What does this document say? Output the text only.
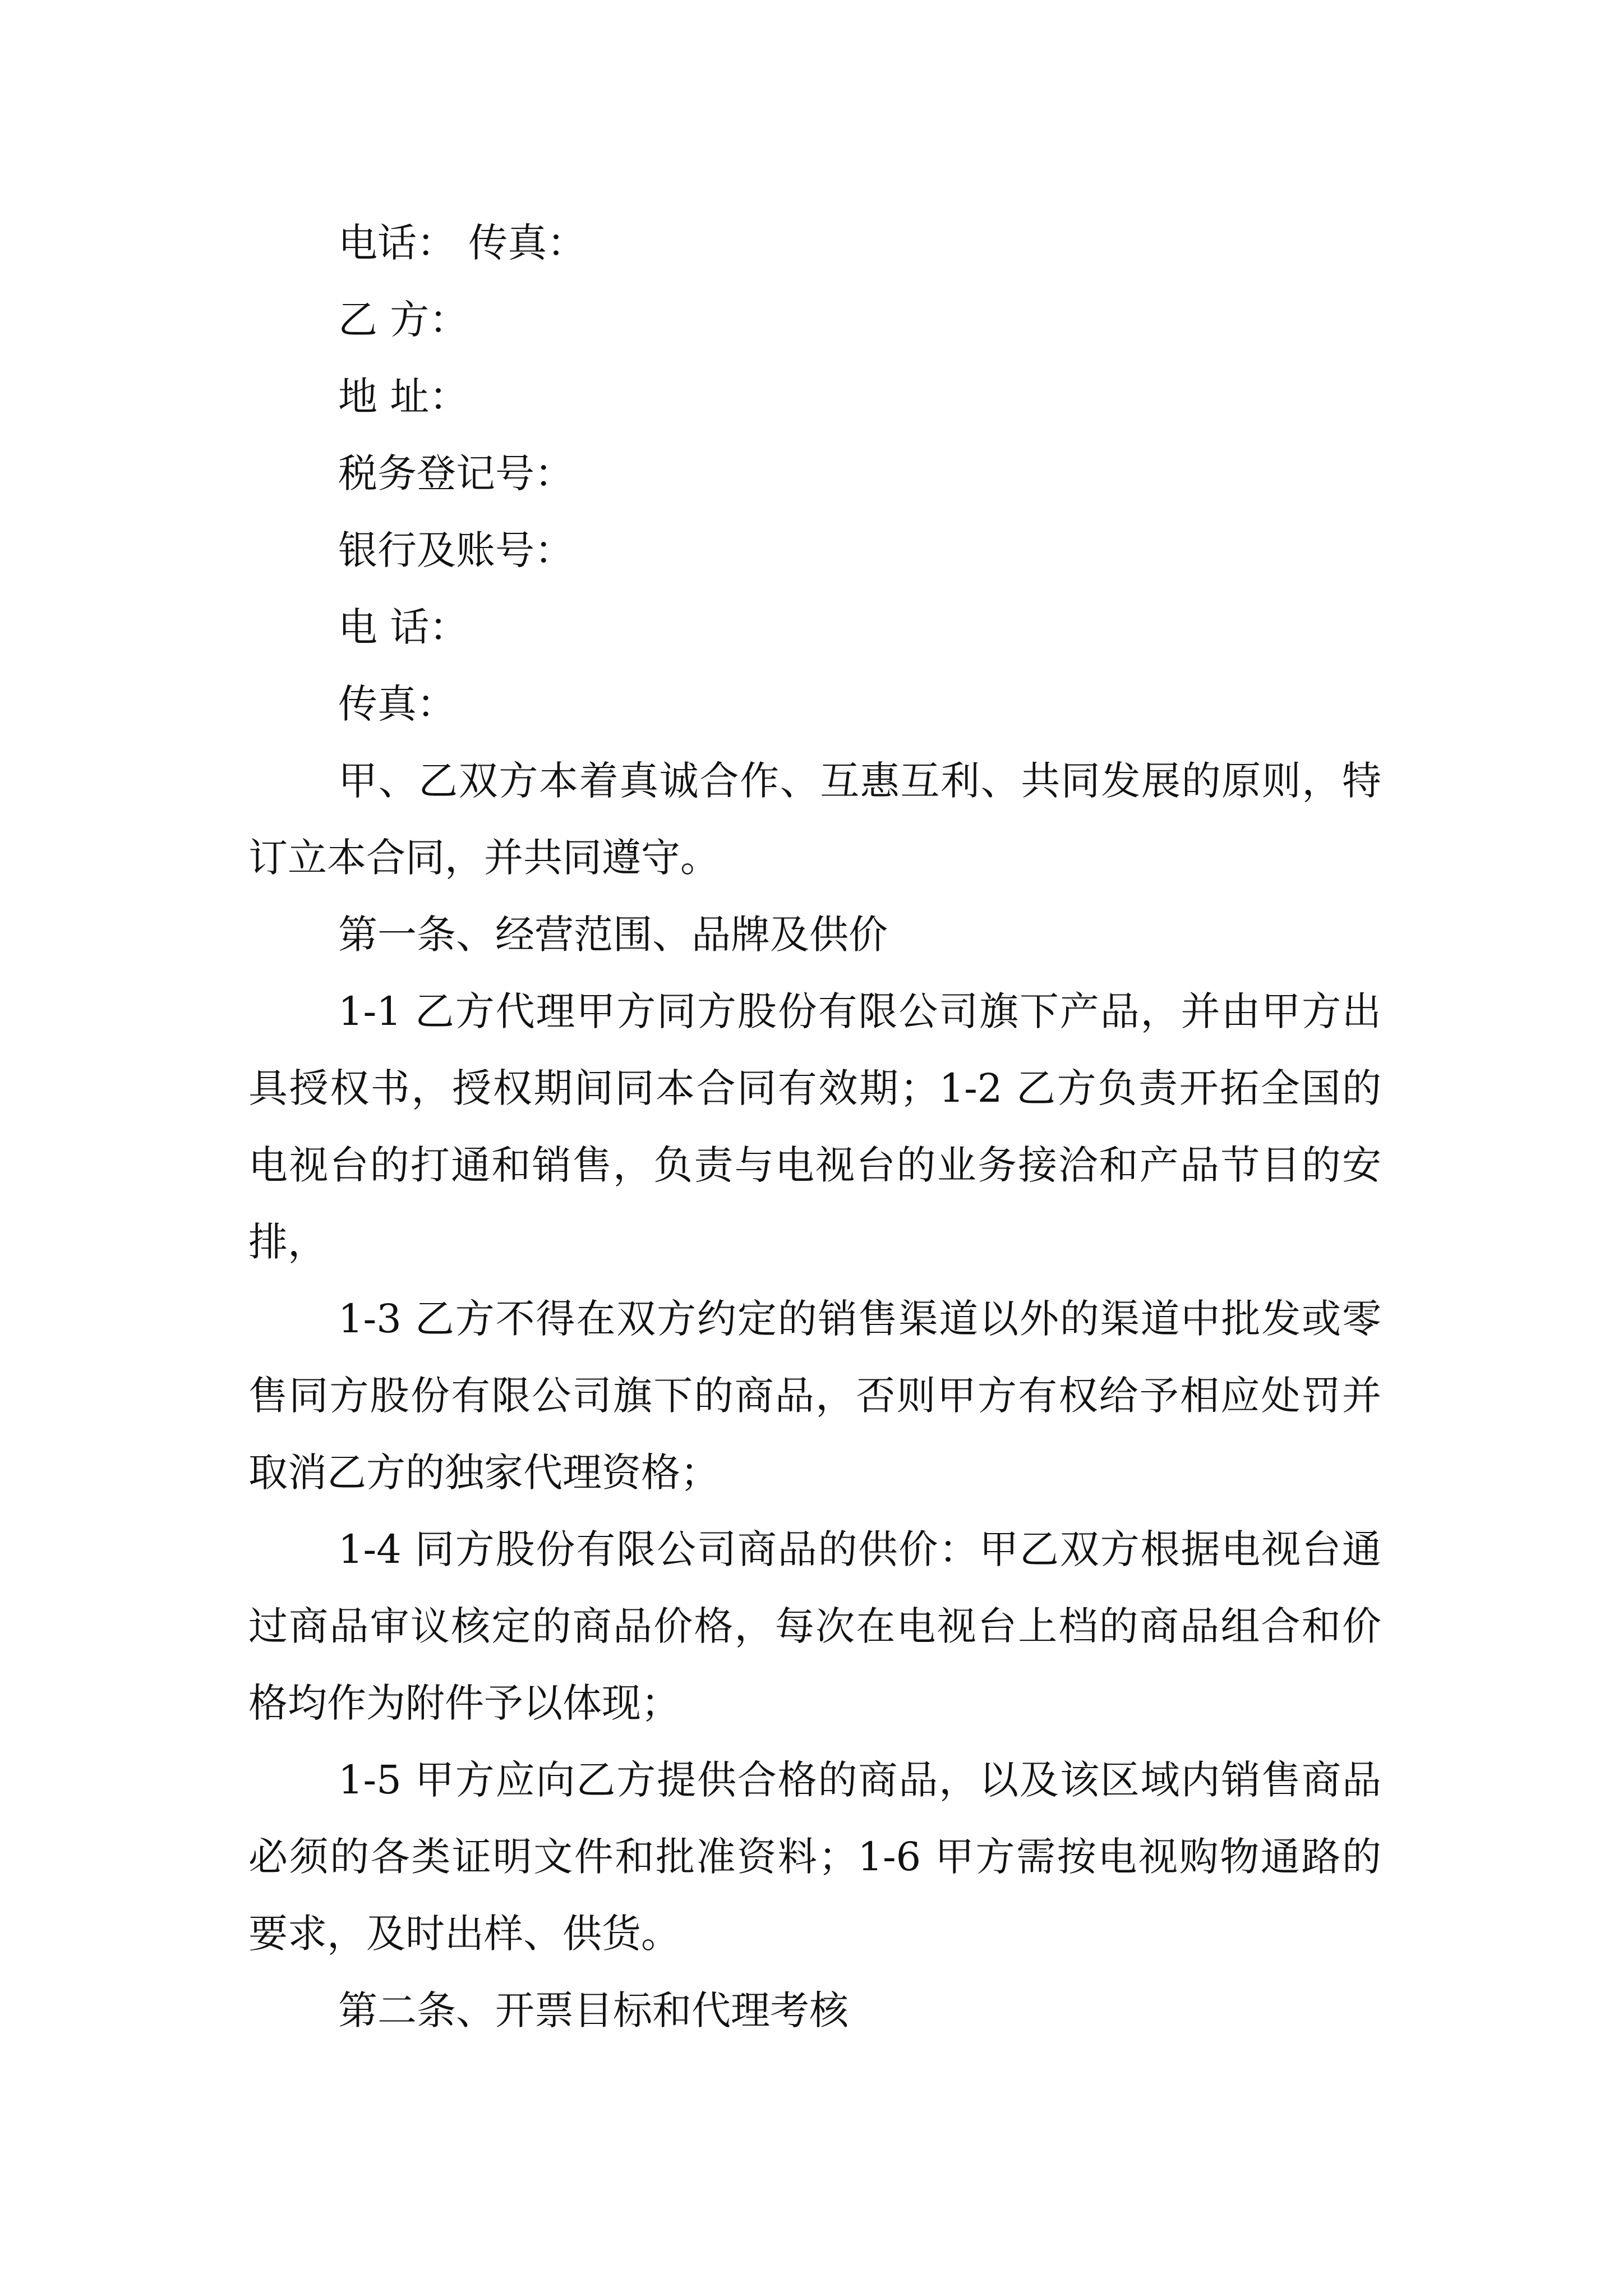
电话： 传真：

乙 方：

地 址：

税务登记号：

银行及账号：

电 话：

传真：

甲、乙双方本着真诚合作、互惠互利、共同发展的原则，特订立本合同，并共同遵守。

第一条、经营范围、品牌及供价

1-1 乙方代理甲方同方股份有限公司旗下产品，并由甲方出具授权书，授权期间同本合同有效期；1-2 乙方负责开拓全国的电视台的打通和销售，负责与电视台的业务接洽和产品节目的安排，

1-3 乙方不得在双方约定的销售渠道以外的渠道中批发或零售同方股份有限公司旗下的商品，否则甲方有权给予相应处罚并取消乙方的独家代理资格；

1-4 同方股份有限公司商品的供价：甲乙双方根据电视台通过商品审议核定的商品价格，每次在电视台上档的商品组合和价格均作为附件予以体现；

1-5 甲方应向乙方提供合格的商品，以及该区域内销售商品必须的各类证明文件和批准资料；1-6 甲方需按电视购物通路的要求，及时出样、供货。

第二条、开票目标和代理考核
